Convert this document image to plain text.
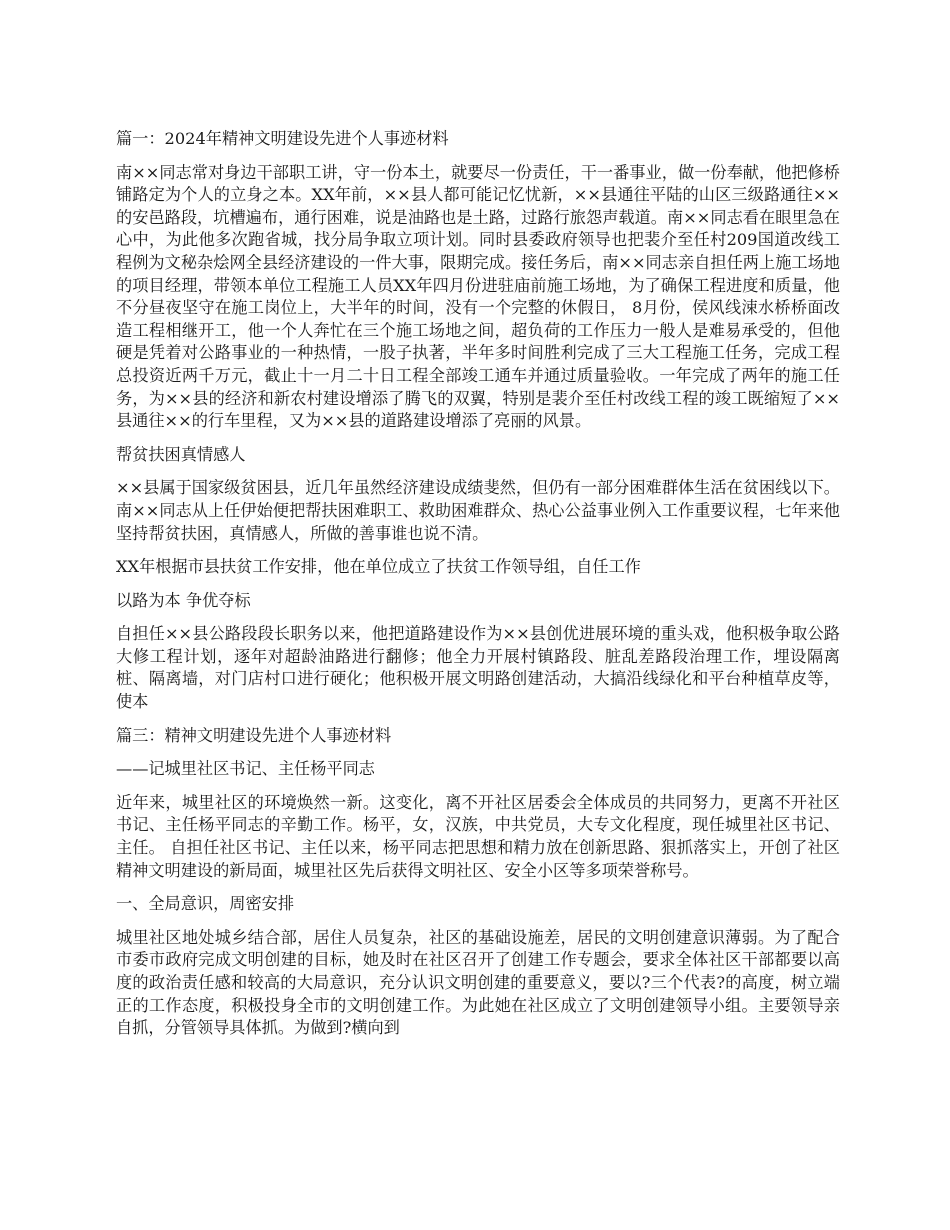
篇一：2024年精神文明建设先进个人事迹材料

南××同志常对身边干部职工讲，守一份本土，就要尽一份责任，干一番事业，做一份奉献，他把修桥铺路定为个人的立身之本。XX年前，××县人都可能记忆忧新，××县通往平陆的山区三级路通往××的安邑路段，坑槽遍布，通行困难，说是油路也是土路，过路行旅怨声载道。南××同志看在眼里急在心中，为此他多次跑省城，找分局争取立项计划。同时县委政府领导也把裴介至任村209国道改线工程例为文秘杂烩网全县经济建设的一件大事，限期完成。接任务后，南××同志亲自担任两上施工场地的项目经理，带领本单位工程施工人员XX年四月份进驻庙前施工场地，为了确保工程进度和质量，他不分昼夜坚守在施工岗位上，大半年的时间，没有一个完整的休假日， 8月份，侯风线涑水桥桥面改造工程相继开工，他一个人奔忙在三个施工场地之间，超负荷的工作压力一般人是难易承受的，但他硬是凭着对公路事业的一种热情，一股子执著，半年多时间胜利完成了三大工程施工任务，完成工程总投资近两千万元，截止十一月二十日工程全部竣工通车并通过质量验收。一年完成了两年的施工任务，为××县的经济和新农村建设增添了腾飞的双翼，特别是裴介至任村改线工程的竣工既缩短了××县通往××的行车里程，又为××县的道路建设增添了亮丽的风景。

帮贫扶困真情感人

××县属于国家级贫困县，近几年虽然经济建设成绩斐然，但仍有一部分困难群体生活在贫困线以下。南××同志从上任伊始便把帮扶困难职工、救助困难群众、热心公益事业例入工作重要议程，七年来他坚持帮贫扶困，真情感人，所做的善事谁也说不清。

XX年根据市县扶贫工作安排，他在单位成立了扶贫工作领导组，自任工作

以路为本 争优夺标

自担任××县公路段段长职务以来，他把道路建设作为××县创优进展环境的重头戏，他积极争取公路大修工程计划，逐年对超龄油路进行翻修；他全力开展村镇路段、脏乱差路段治理工作，埋设隔离桩、隔离墙，对门店村口进行硬化；他积极开展文明路创建活动，大搞沿线绿化和平台种植草皮等，使本

篇三：精神文明建设先进个人事迹材料

——记城里社区书记、主任杨平同志

近年来，城里社区的环境焕然一新。这变化，离不开社区居委会全体成员的共同努力，更离不开社区书记、主任杨平同志的辛勤工作。杨平，女，汉族，中共党员，大专文化程度，现任城里社区书记、主任。 自担任社区书记、主任以来，杨平同志把思想和精力放在创新思路、狠抓落实上，开创了社区精神文明建设的新局面，城里社区先后获得文明社区、安全小区等多项荣誉称号。

一、全局意识，周密安排

城里社区地处城乡结合部，居住人员复杂，社区的基础设施差，居民的文明创建意识薄弱。为了配合市委市政府完成文明创建的目标，她及时在社区召开了创建工作专题会，要求全体社区干部都要以高度的政治责任感和较高的大局意识，充分认识文明创建的重要意义，要以?三个代表?的高度，树立端正的工作态度，积极投身全市的文明创建工作。为此她在社区成立了文明创建领导小组。主要领导亲自抓，分管领导具体抓。为做到?横向到
